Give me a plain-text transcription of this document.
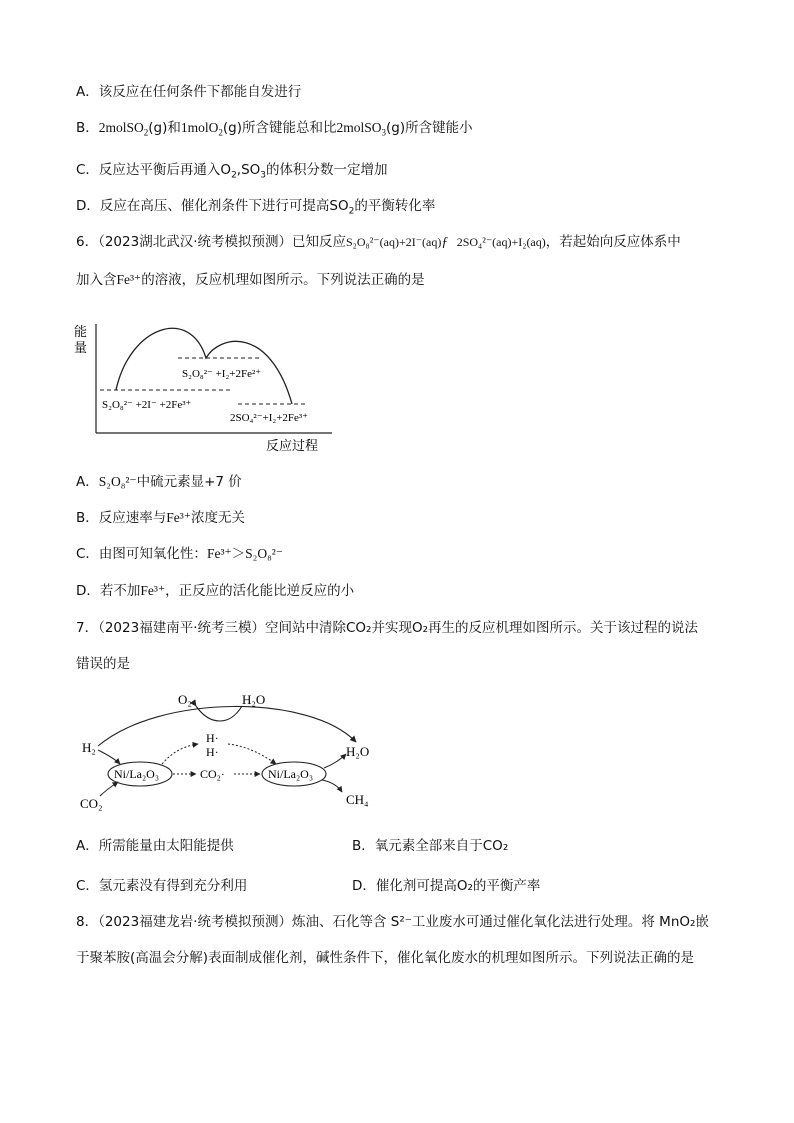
A．该反应在任何条件下都能自发进行
B．2molSO$_2$(g)和1molO$_2$(g)所含键能总和比2molSO$_3$(g)所含键能小
C．反应达平衡后再通入$O_2,SO_3$的体积分数一定增加
D．反应在高压、催化剂条件下进行可提高$SO_2$的平衡转化率
6．（2023湖北武汉·统考模拟预测）已知反应S₂O₈²⁻(aq)+2I⁻(aq)ƒ 2SO₄²⁻(aq)+I₂(aq)，若起始向反应体系中
加入含Fe³⁺的溶液，反应机理如图所示。下列说法正确的是
能
量
反应过程
S₂O₈²⁻ +I₂+2Fe²⁺
S₂O₈²⁻ +2I⁻ +2Fe³⁺
2SO₄²⁻+I₂+2Fe³⁺
A．S₂O₈²⁻中硫元素显+7 价
B．反应速率与Fe³⁺浓度无关
C．由图可知氧化性：Fe³⁺＞S₂O₈²⁻
D．若不加Fe³⁺，正反应的活化能比逆反应的小
7．（2023福建南平·统考三模）空间站中清除CO₂并实现O₂再生的反应机理如图所示。关于该过程的说法
错误的是
O₂	H₂O
H₂
H·
H·
Ni/La₂O₃	CO₂·	Ni/La₂O₃
H₂O
CH₄
CO₂
A．所需能量由太阳能提供	B．氧元素全部来自于CO₂
C．氢元素没有得到充分利用	D．催化剂可提高O₂的平衡产率
8．（2023福建龙岩·统考模拟预测）炼油、石化等含 S²⁻工业废水可通过催化氧化法进行处理。将 MnO₂嵌
于聚苯胺(高温会分解)表面制成催化剂，碱性条件下，催化氧化废水的机理如图所示。下列说法正确的是
